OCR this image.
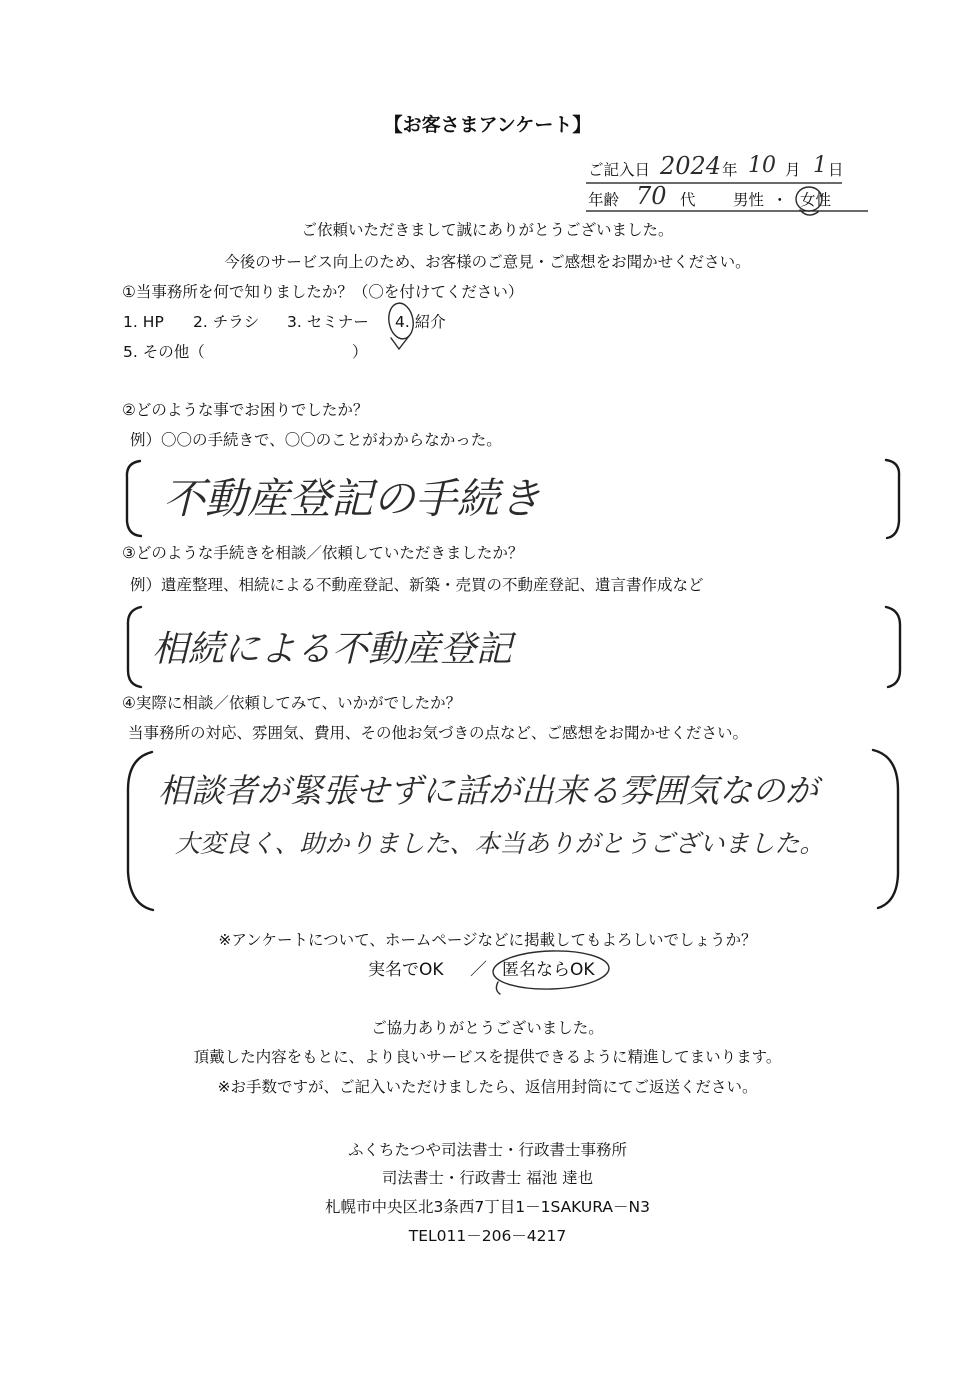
【お客さまアンケート】
ご記入日 2024 年 10 月 1 日
年齢 70 代 男性 ・ 女性
ご依頼いただきまして誠にありがとうございました。
今後のサービス向上のため、お客様のご意見・ご感想をお聞かせください。
①当事務所を何で知りましたか？（〇を付けてください）
1. HP 2. チラシ 3. セミナー 4. 紹介
5. その他（	）
②どのような事でお困りでしたか？
例）〇〇の手続きで、〇〇のことがわからなかった。
不動産登記の手続き
③どのような手続きを相談／依頼していただきましたか？
例）遺産整理、相続による不動産登記、新築・売買の不動産登記、遺言書作成など
相続による不動産登記
④実際に相談／依頼してみて、いかがでしたか？
当事務所の対応、雰囲気、費用、その他お気づきの点など、ご感想をお聞かせください。
相談者が緊張せずに話が出来る雰囲気なのが
大変良く、助かりました、本当ありがとうございました。
※アンケートについて、ホームページなどに掲載してもよろしいでしょうか？
実名でOK ／ 匿名ならOK
ご協力ありがとうございました。
頂戴した内容をもとに、より良いサービスを提供できるように精進してまいります。
※お手数ですが、ご記入いただけましたら、返信用封筒にてご返送ください。
ふくちたつや司法書士・行政書士事務所
司法書士・行政書士 福池 達也
札幌市中央区北3条西7丁目1－1SAKURA－N3
TEL011－206－4217
